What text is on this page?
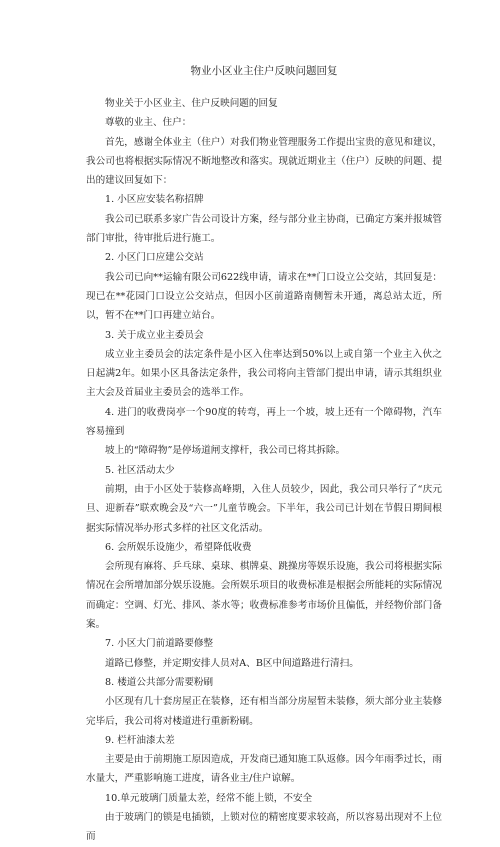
物业小区业主住户反映问题回复

物业关于小区业主、住户反映问题的回复

尊敬的业主、住户：

首先，感谢全体业主（住户）对我们物业管理服务工作提出宝贵的意见和建议，我公司也将根据实际情况不断地整改和落实。现就近期业主（住户）反映的问题、提出的建议回复如下：

1. 小区应安装名称招牌

我公司已联系多家广告公司设计方案，经与部分业主协商，已确定方案并报城管部门审批，待审批后进行施工。

2. 小区门口应建公交站

我公司已向**运输有限公司622线申请，请求在**门口设立公交站，其回复是：现已在**花园门口设立公交站点，但因小区前道路南侧暂未开通，离总站太近，所以，暂不在**门口再建立站台。

3. 关于成立业主委员会

成立业主委员会的法定条件是小区入住率达到50%以上或自第一个业主入伙之日起满2年。如果小区具备法定条件，我公司将向主管部门提出申请，请示其组织业主大会及首届业主委员会的选举工作。

4. 进门的收费岗亭一个90度的转弯，再上一个坡，坡上还有一个障碍物，汽车容易撞到

坡上的“障碍物”是停场道闸支撑杆，我公司已将其拆除。

5. 社区活动太少

前期，由于小区处于装修高峰期，入住人员较少，因此，我公司只举行了“庆元旦、迎新春”联欢晚会及“六一”儿童节晚会。下半年，我公司已计划在节假日期间根据实际情况举办形式多样的社区文化活动。

6. 会所娱乐设施少，希望降低收费

会所现有麻将、乒乓球、桌球、棋牌桌、跳操房等娱乐设施，我公司将根据实际情况在会所增加部分娱乐设施。会所娱乐项目的收费标准是根据会所能耗的实际情况而确定：空调、灯光、排风、茶水等；收费标准参考市场价且偏低，并经物价部门备案。

7. 小区大门前道路要修整

道路已修整，并定期安排人员对A、B区中间道路进行清扫。

8. 楼道公共部分需要粉刷

小区现有几十套房屋正在装修，还有相当部分房屋暂未装修，须大部分业主装修完毕后，我公司将对楼道进行重新粉刷。

9. 栏杆油漆太差

主要是由于前期施工原因造成，开发商已通知施工队返修。因今年雨季过长，雨水量大，严重影响施工进度，请各业主/住户谅解。

10.单元玻璃门质量太差，经常不能上锁，不安全

由于玻璃门的锁是电插锁，上锁对位的精密度要求较高，所以容易出现对不上位而
